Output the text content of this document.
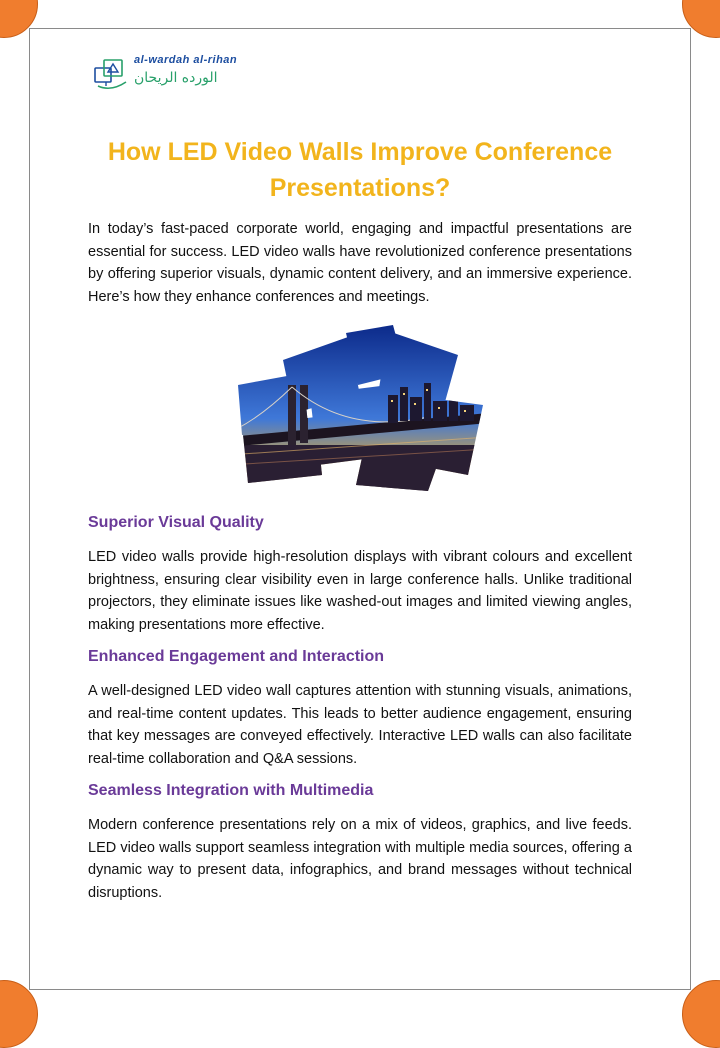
al-wardah al-rihan
الورده الريحان
How LED Video Walls Improve Conference Presentations?

In today’s fast-paced corporate world, engaging and impactful presentations are essential for success. LED video walls have revolutionized conference presentations by offering superior visuals, dynamic content delivery, and an immersive experience. Here’s how they enhance conferences and meetings.

Superior Visual Quality

LED video walls provide high-resolution displays with vibrant colours and excellent brightness, ensuring clear visibility even in large conference halls. Unlike traditional projectors, they eliminate issues like washed-out images and limited viewing angles, making presentations more effective.

Enhanced Engagement and Interaction

A well-designed LED video wall captures attention with stunning visuals, animations, and real-time content updates. This leads to better audience engagement, ensuring that key messages are conveyed effectively. Interactive LED walls can also facilitate real-time collaboration and Q&A sessions.

Seamless Integration with Multimedia

Modern conference presentations rely on a mix of videos, graphics, and live feeds. LED video walls support seamless integration with multiple media sources, offering a dynamic way to present data, infographics, and brand messages without technical disruptions.
